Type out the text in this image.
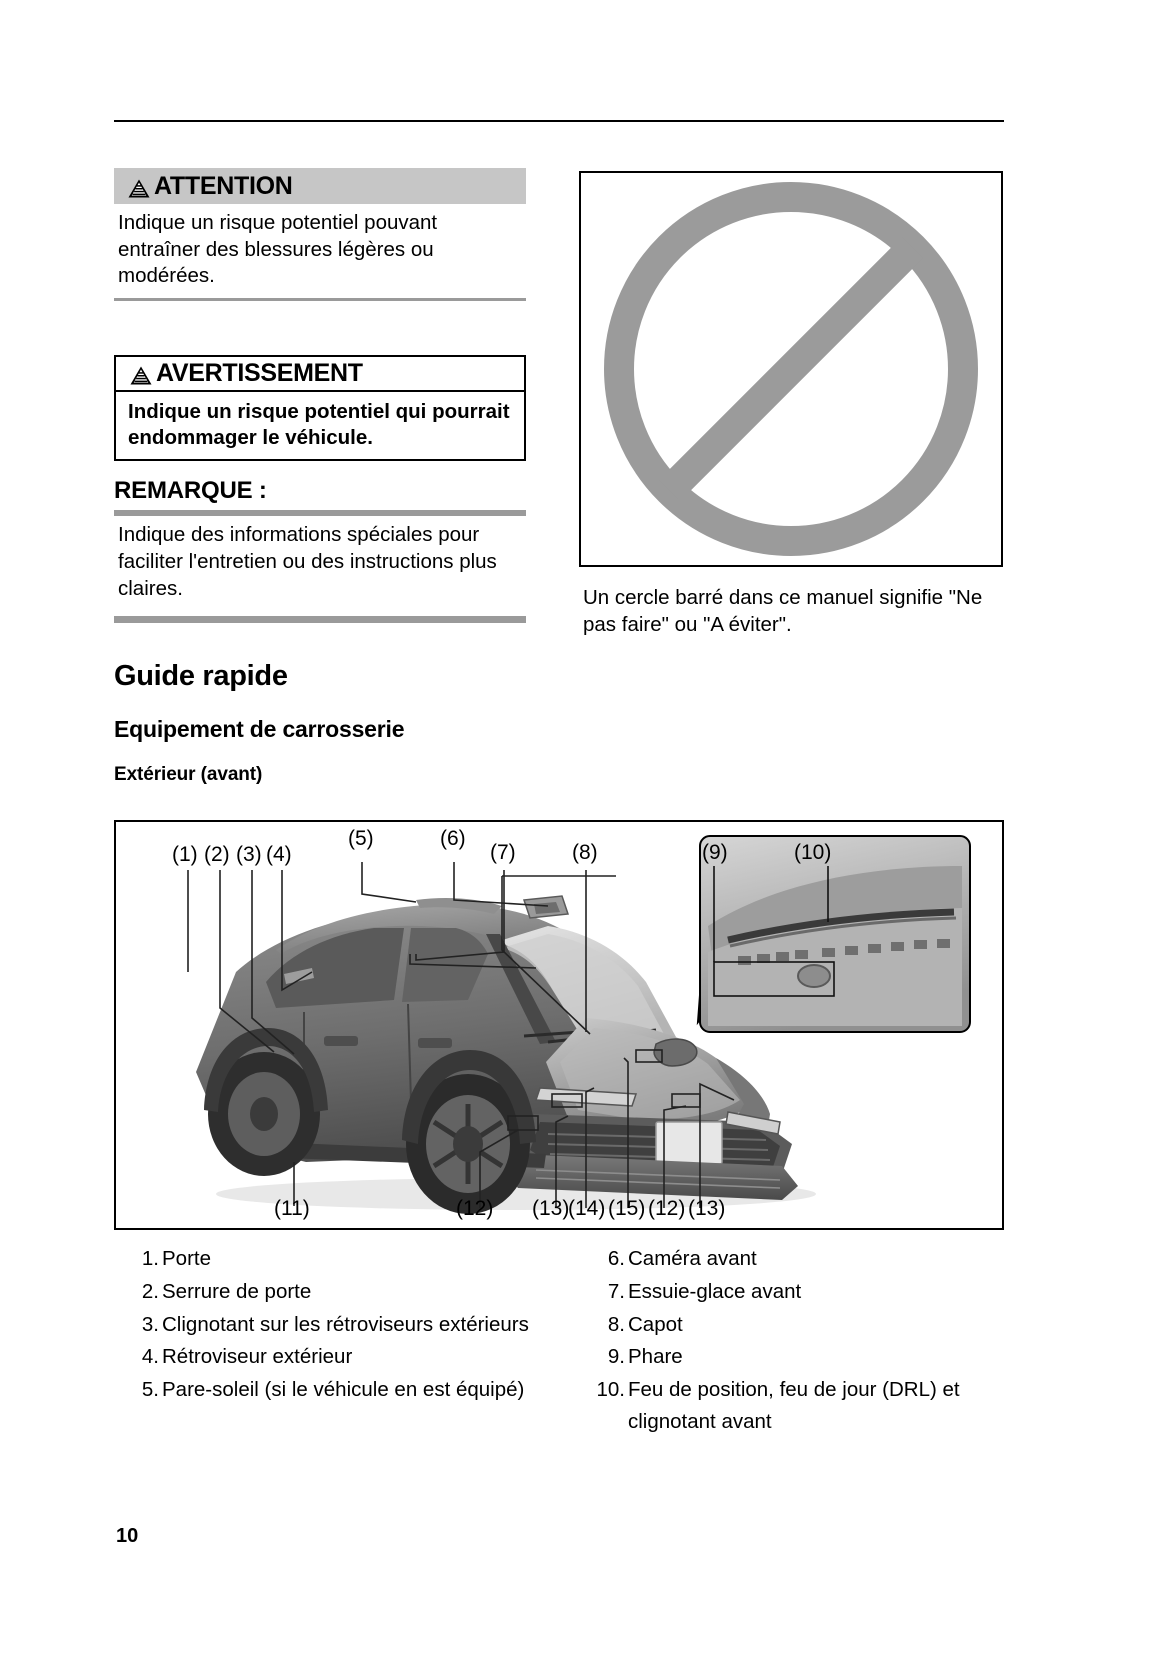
ATTENTION
Indique un risque potentiel pouvant entraîner des blessures légères ou modérées.
AVERTISSEMENT
Indique un risque potentiel qui pourrait endommager le véhicule.
REMARQUE :
Indique des informations spéciales pour faciliter l'entretien ou des instructions plus claires.	Un cercle barré dans ce manuel signifie "Ne pas faire" ou "A éviter".
Guide rapide
Equipement de carrosserie
Extérieur (avant)
(1) (2) (3) (4)
(5)	(6)
(7)	(8)	(9)	(10)
(11)	(12) (13)
(14) (15) (12) (13)
1. Porte
2. Serrure de porte
3. Clignotant sur les rétroviseurs extérieurs
4. Rétroviseur extérieur
5. Pare-soleil (si le véhicule en est équipé)
6. Caméra avant
7. Essuie-glace avant
8. Capot
9. Phare
10. Feu de position, feu de jour (DRL) et clignotant avant
10
